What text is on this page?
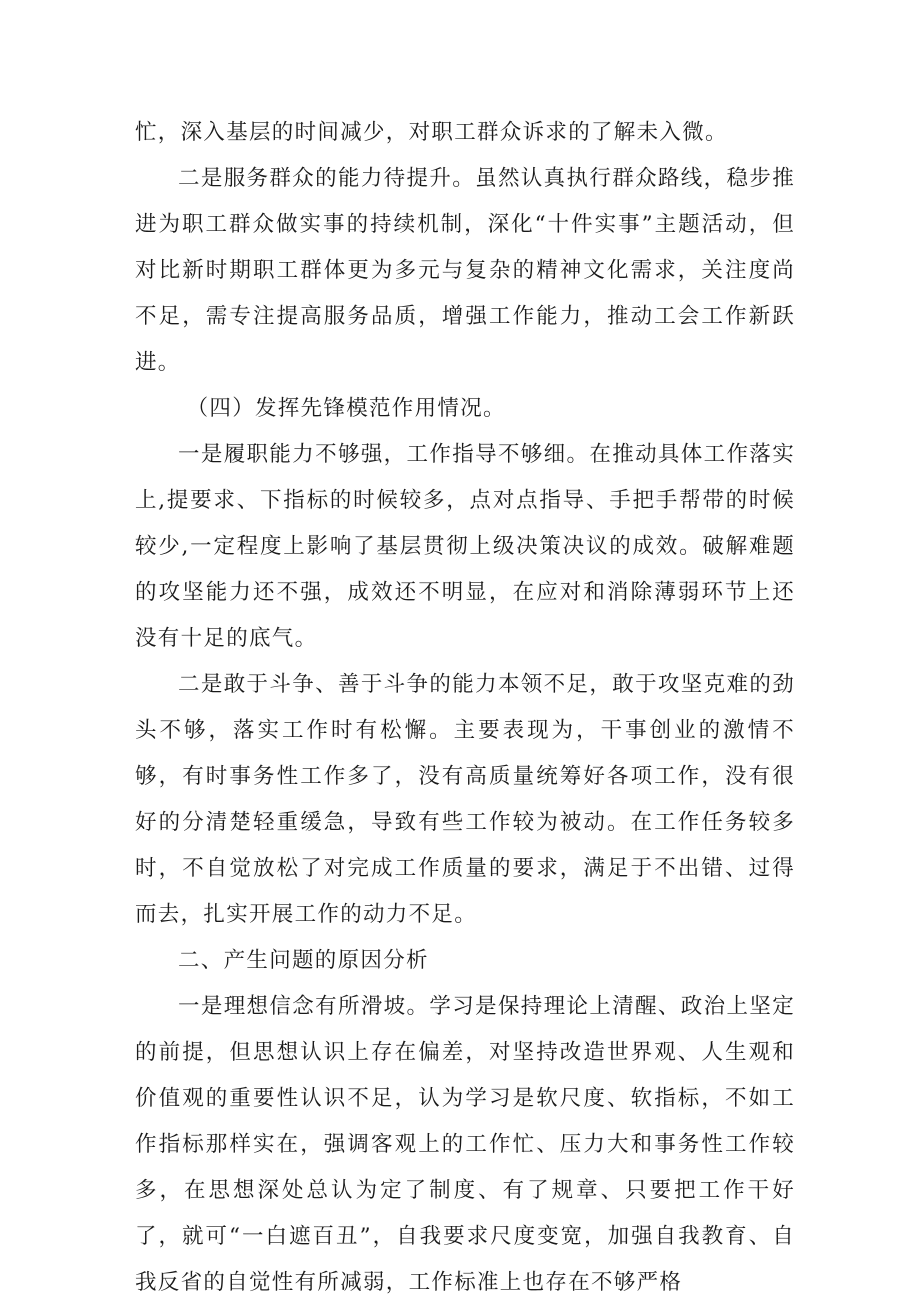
忙，深入基层的时间减少，对职工群众诉求的了解未入微。

二是服务群众的能力待提升。虽然认真执行群众路线，稳步推进为职工群众做实事的持续机制，深化“十件实事”主题活动，但对比新时期职工群体更为多元与复杂的精神文化需求，关注度尚不足，需专注提高服务品质，增强工作能力，推动工会工作新跃进。

（四）发挥先锋模范作用情况。

一是履职能力不够强，工作指导不够细。在推动具体工作落实上,提要求、下指标的时候较多，点对点指导、手把手帮带的时候较少,一定程度上影响了基层贯彻上级决策决议的成效。破解难题的攻坚能力还不强，成效还不明显，在应对和消除薄弱环节上还没有十足的底气。

二是敢于斗争、善于斗争的能力本领不足，敢于攻坚克难的劲头不够，落实工作时有松懈。主要表现为，干事创业的激情不够，有时事务性工作多了，没有高质量统筹好各项工作，没有很好的分清楚轻重缓急，导致有些工作较为被动。在工作任务较多时，不自觉放松了对完成工作质量的要求，满足于不出错、过得而去，扎实开展工作的动力不足。

二、产生问题的原因分析

一是理想信念有所滑坡。学习是保持理论上清醒、政治上坚定的前提，但思想认识上存在偏差，对坚持改造世界观、人生观和价值观的重要性认识不足，认为学习是软尺度、软指标，不如工作指标那样实在，强调客观上的工作忙、压力大和事务性工作较多，在思想深处总认为定了制度、有了规章、只要把工作干好了，就可“一白遮百丑”，自我要求尺度变宽，加强自我教育、自我反省的自觉性有所减弱，工作标准上也存在不够严格
